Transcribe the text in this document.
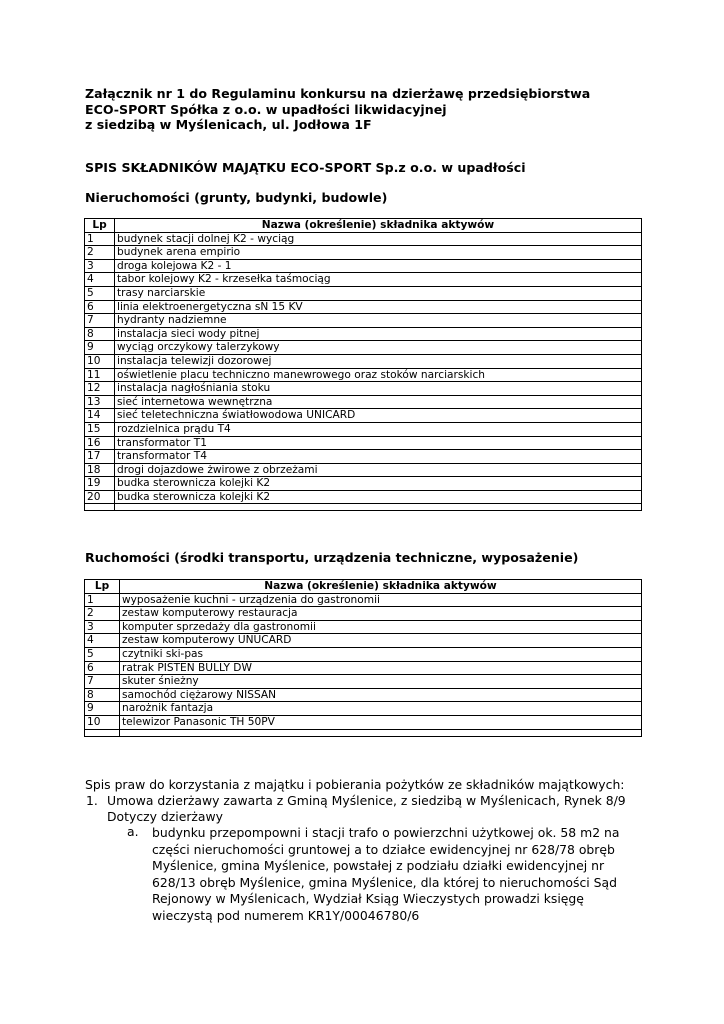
Załącznik nr 1 do Regulaminu konkursu na dzierżawę przedsiębiorstwa
ECO-SPORT Spółka z o.o. w upadłości likwidacyjnej
z siedzibą w Myślenicach, ul. Jodłowa 1F
SPIS SKŁADNIKÓW MAJĄTKU ECO-SPORT Sp.z o.o. w upadłości
Nieruchomości (grunty, budynki, budowle)
Lp	Nazwa (określenie) składnika aktywów
1	budynek stacji dolnej K2 - wyciąg
2	budynek arena empirio
3	droga kolejowa K2 - 1
4	tabor kolejowy K2 - krzesełka taśmociąg
5	trasy narciarskie
6	linia elektroenergetyczna sN 15 KV
7	hydranty nadziemne
8	instalacja sieci wody pitnej
9	wyciąg orczykowy talerzykowy
10	instalacja telewizji dozorowej
11	oświetlenie placu techniczno manewrowego oraz stoków narciarskich
12	instalacja nagłośniania stoku
13	sieć internetowa wewnętrzna
14	sieć teletechniczna światłowodowa UNICARD
15	rozdzielnica prądu T4
16	transformator T1
17	transformator T4
18	drogi dojazdowe żwirowe z obrzeżami
19	budka sterownicza kolejki K2
20	budka sterownicza kolejki K2

Ruchomości (środki transportu, urządzenia techniczne, wyposażenie)
Lp	Nazwa (określenie) składnika aktywów
1	wyposażenie kuchni - urządzenia do gastronomii
2	zestaw komputerowy restauracja
3	komputer sprzedaży dla gastronomii
4	zestaw komputerowy UNUCARD
5	czytniki ski-pas
6	ratrak PISTEN BULLY DW
7	skuter śnieżny
8	samochód ciężarowy NISSAN
9	narożnik fantazja
10	telewizor Panasonic TH 50PV

Spis praw do korzystania z majątku i pobierania pożytków ze składników majątkowych:
1. Umowa dzierżawy zawarta z Gminą Myślenice, z siedzibą w Myślenicach, Rynek 8/9
Dotyczy dzierżawy
a. budynku przepompowni i stacji trafo o powierzchni użytkowej ok. 58 m2 na
części nieruchomości gruntowej a to działce ewidencyjnej nr 628/78 obręb
Myślenice, gmina Myślenice, powstałej z podziału działki ewidencyjnej nr
628/13 obręb Myślenice, gmina Myślenice, dla której to nieruchomości Sąd
Rejonowy w Myślenicach, Wydział Ksiąg Wieczystych prowadzi księgę
wieczystą pod numerem KR1Y/00046780/6
